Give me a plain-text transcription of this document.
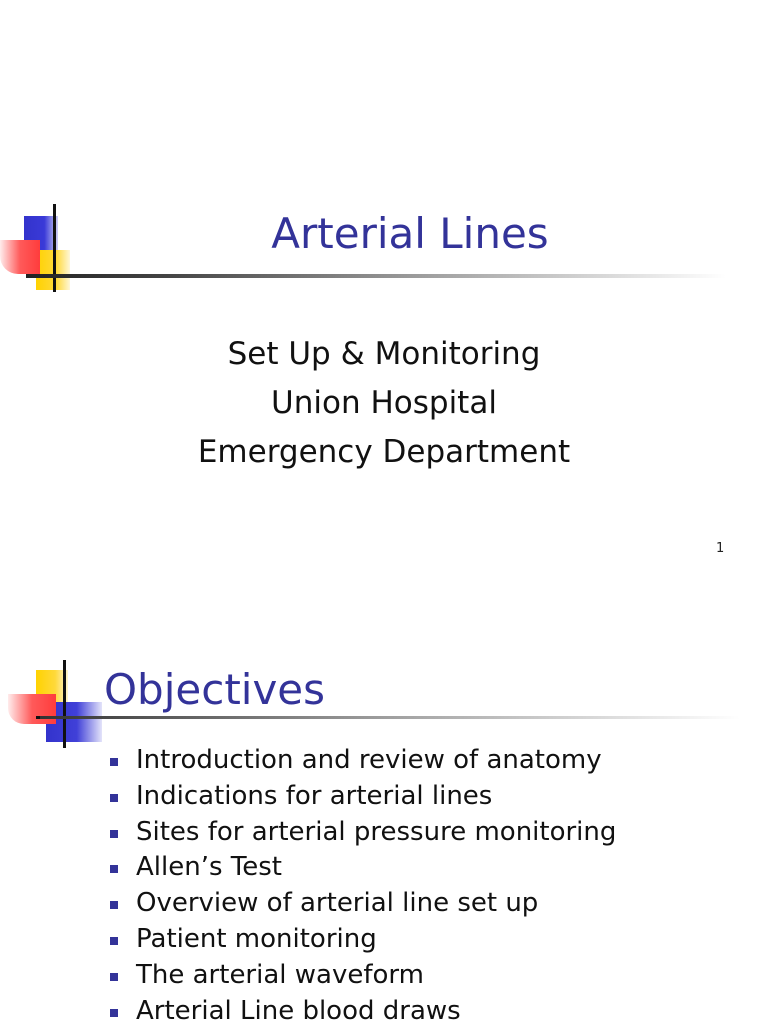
Arterial Lines
Set Up & Monitoring
Union Hospital
Emergency Department
1
Objectives
Introduction and review of anatomy
Indications for arterial lines
Sites for arterial pressure monitoring
Allen’s Test
Overview of arterial line set up
Patient monitoring
The arterial waveform
Arterial Line blood draws
